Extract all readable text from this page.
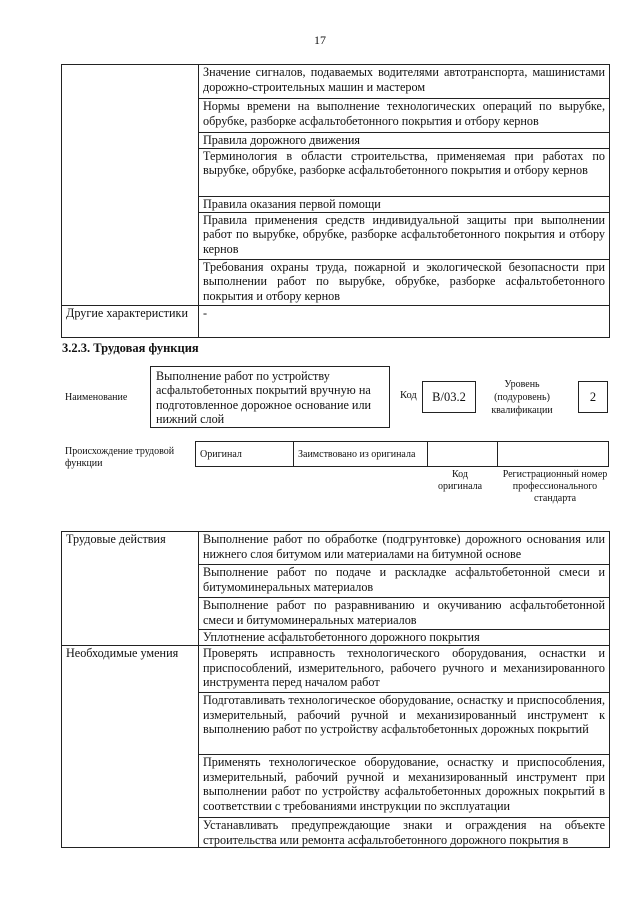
17
	Значение сигналов, подаваемых водителями автотранспорта, машинистами дорожно-строительных машин и мастером
	Нормы времени на выполнение технологических операций по вырубке, обрубке, разборке асфальтобетонного покрытия и отбору кернов
	Правила дорожного движения
	Терминология в области строительства, применяемая при работах по вырубке, обрубке, разборке асфальтобетонного покрытия и отбору кернов
	Правила оказания первой помощи
	Правила применения средств индивидуальной защиты при выполнении работ по вырубке, обрубке, разборке асфальтобетонного покрытия и отбору кернов
	Требования охраны труда, пожарной и экологической безопасности при выполнении работ по вырубке, обрубке, разборке асфальтобетонного покрытия и отбору кернов
Другие характеристики	-
3.2.3. Трудовая функция
Наименование
Выполнение работ по устройству асфальтобетонных покрытий вручную на подготовленное дорожное основание или нижний слой
Код	В/03.2
Уровень (подуровень) квалификации
2
Происхождение трудовой функции
Оригинал	Заимствовано из оригинала		
Код оригинала
Регистрационный номер профессионального стандарта
Трудовые действия	Выполнение работ по обработке (подгрунтовке) дорожного основания или нижнего слоя битумом или материалами на битумной основе
	Выполнение работ по подаче и раскладке асфальтобетонной смеси и битумоминеральных материалов
	Выполнение работ по разравниванию и окучиванию асфальтобетонной смеси и битумоминеральных материалов
	Уплотнение асфальтобетонного дорожного покрытия
Необходимые умения	Проверять исправность технологического оборудования, оснастки и приспособлений, измерительного, рабочего ручного и механизированного инструмента перед началом работ
	Подготавливать технологическое оборудование, оснастку и приспособления, измерительный, рабочий ручной и механизированный инструмент к выполнению работ по устройству асфальтобетонных дорожных покрытий
	Применять технологическое оборудование, оснастку и приспособления, измерительный, рабочий ручной и механизированный инструмент при выполнении работ по устройству асфальтобетонных дорожных покрытий в соответствии с требованиями инструкции по эксплуатации
	Устанавливать предупреждающие знаки и ограждения на объекте строительства или ремонта асфальтобетонного дорожного покрытия в
